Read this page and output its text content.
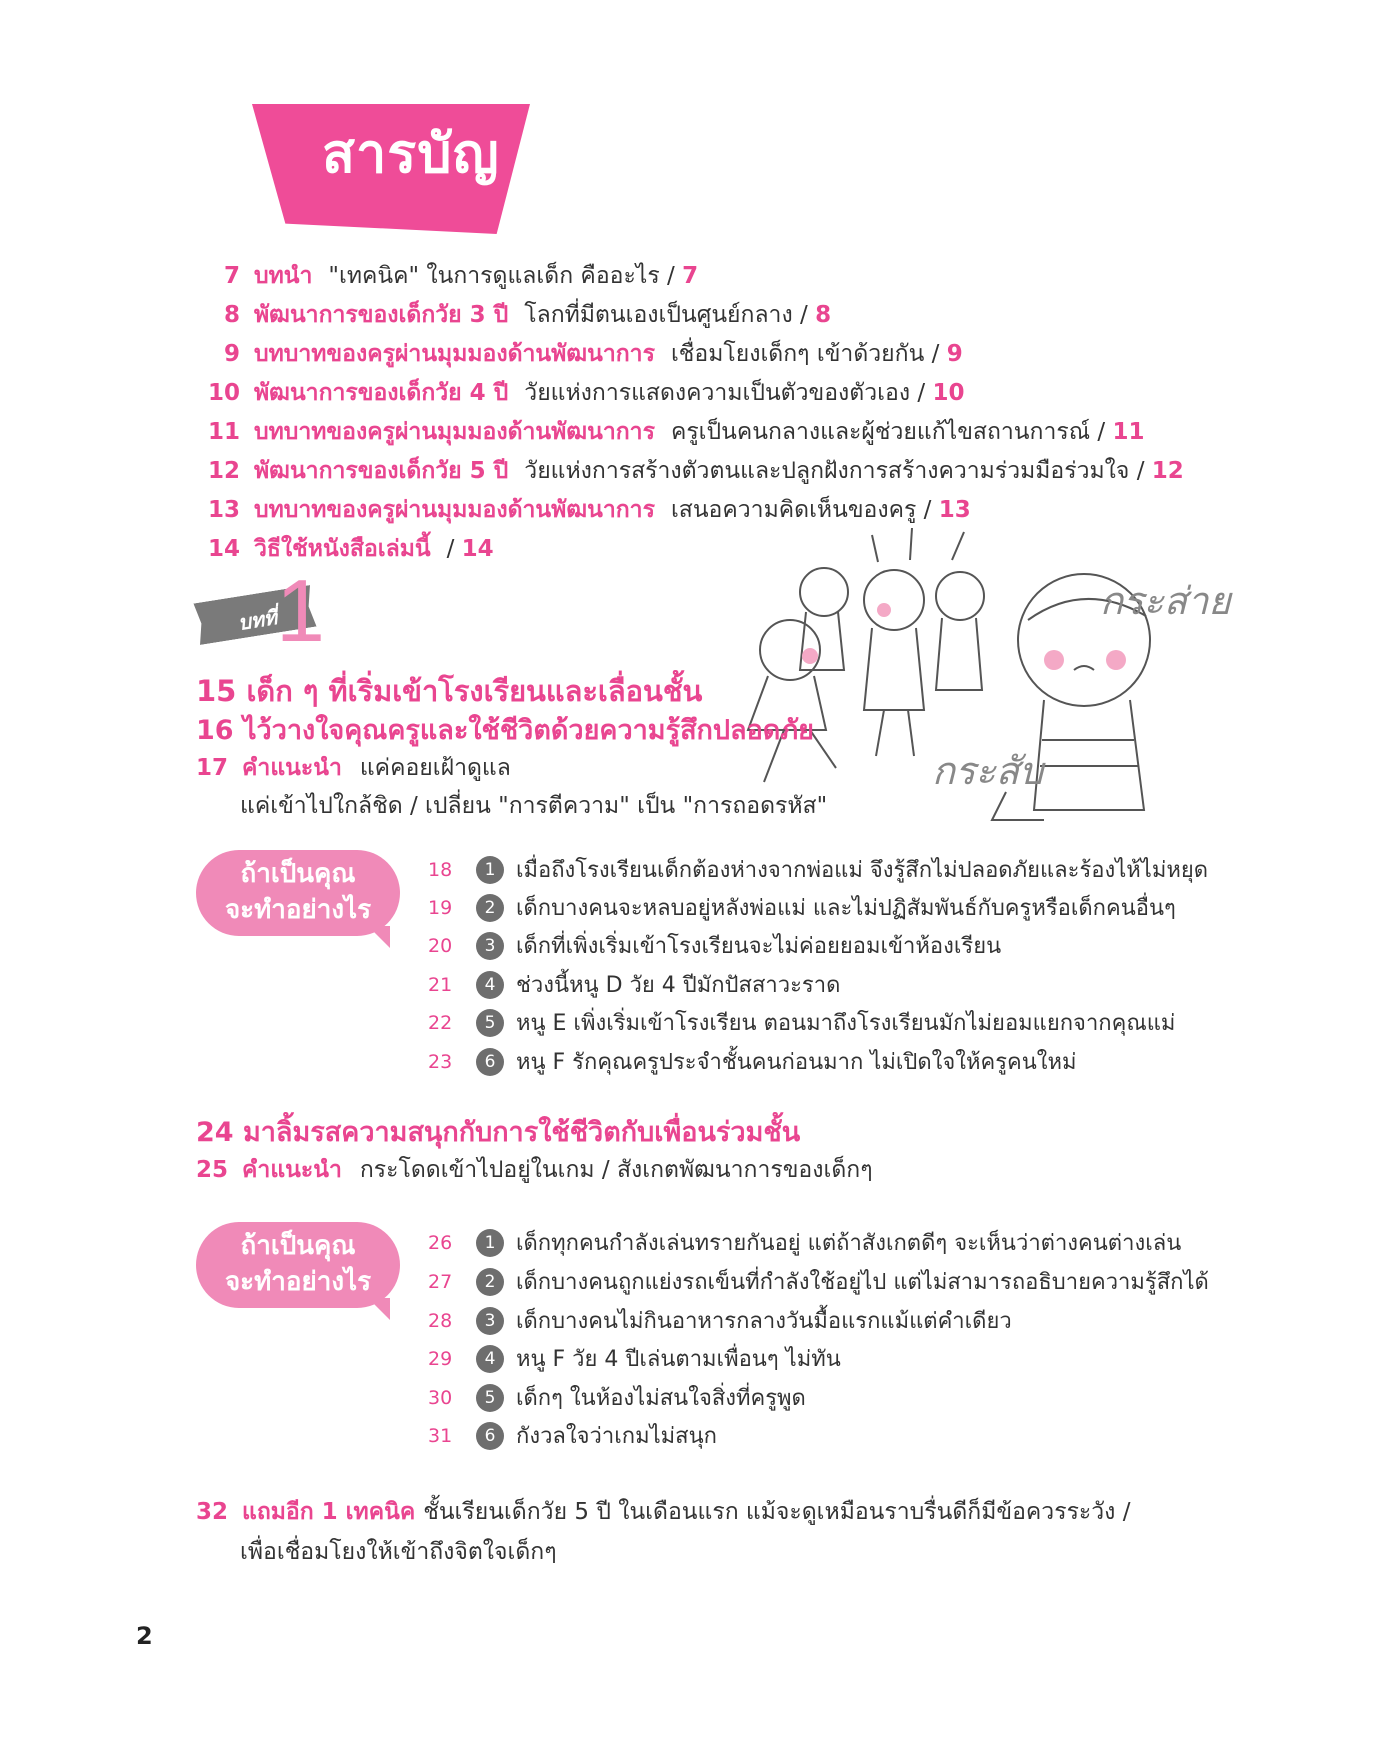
สารบัญ
7 บทนำ "เทคนิค" ในการดูแลเด็ก คืออะไร / 7
8 พัฒนาการของเด็กวัย 3 ปี โลกที่มีตนเองเป็นศูนย์กลาง / 8
9 บทบาทของครูผ่านมุมมองด้านพัฒนาการ เชื่อมโยงเด็กๆ เข้าด้วยกัน / 9
10 พัฒนาการของเด็กวัย 4 ปี วัยแห่งการแสดงความเป็นตัวของตัวเอง / 10
11 บทบาทของครูผ่านมุมมองด้านพัฒนาการ ครูเป็นคนกลางและผู้ช่วยแก้ไขสถานการณ์ / 11
12 พัฒนาการของเด็กวัย 5 ปี วัยแห่งการสร้างตัวตนและปลูกฝังการสร้างความร่วมมือร่วมใจ / 12
13 บทบาทของครูผ่านมุมมองด้านพัฒนาการ เสนอความคิดเห็นของครู / 13
14 วิธีใช้หนังสือเล่มนี้ / 14
กระส่าย
กระสับ
บทที่
1
15 เด็ก ๆ ที่เริ่มเข้าโรงเรียนและเลื่อนชั้น
16 ไว้วางใจคุณครูและใช้ชีวิตด้วยความรู้สึกปลอดภัย
17 คำแนะนำ แค่คอยเฝ้าดูแล
แค่เข้าไปใกล้ชิด / เปลี่ยน "การตีความ" เป็น "การถอดรหัส"
ถ้าเป็นคุณ
จะทำอย่างไร
18	1 เมื่อถึงโรงเรียนเด็กต้องห่างจากพ่อแม่ จึงรู้สึกไม่ปลอดภัยและร้องไห้ไม่หยุด
19	2 เด็กบางคนจะหลบอยู่หลังพ่อแม่ และไม่ปฏิสัมพันธ์กับครูหรือเด็กคนอื่นๆ
20	3 เด็กที่เพิ่งเริ่มเข้าโรงเรียนจะไม่ค่อยยอมเข้าห้องเรียน
21	4 ช่วงนี้หนู D วัย 4 ปีมักปัสสาวะราด
22	5 หนู E เพิ่งเริ่มเข้าโรงเรียน ตอนมาถึงโรงเรียนมักไม่ยอมแยกจากคุณแม่
23	6 หนู F รักคุณครูประจำชั้นคนก่อนมาก ไม่เปิดใจให้ครูคนใหม่
24 มาลิ้มรสความสนุกกับการใช้ชีวิตกับเพื่อนร่วมชั้น
25 คำแนะนำ กระโดดเข้าไปอยู่ในเกม / สังเกตพัฒนาการของเด็กๆ
ถ้าเป็นคุณ
จะทำอย่างไร
26	1 เด็กทุกคนกำลังเล่นทรายกันอยู่ แต่ถ้าสังเกตดีๆ จะเห็นว่าต่างคนต่างเล่น
27	2 เด็กบางคนถูกแย่งรถเข็นที่กำลังใช้อยู่ไป แต่ไม่สามารถอธิบายความรู้สึกได้
28	3 เด็กบางคนไม่กินอาหารกลางวันมื้อแรกแม้แต่คำเดียว
29	4 หนู F วัย 4 ปีเล่นตามเพื่อนๆ ไม่ทัน
30	5 เด็กๆ ในห้องไม่สนใจสิ่งที่ครูพูด
31	6 กังวลใจว่าเกมไม่สนุก
32 แถมอีก 1 เทคนิค ชั้นเรียนเด็กวัย 5 ปี ในเดือนแรก แม้จะดูเหมือนราบรื่นดีก็มีข้อควรระวัง /
เพื่อเชื่อมโยงให้เข้าถึงจิตใจเด็กๆ
2
